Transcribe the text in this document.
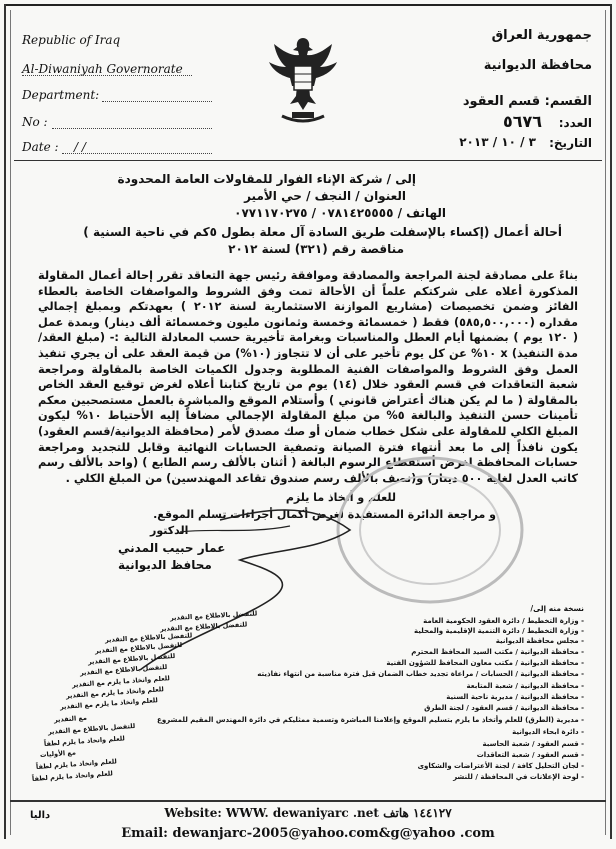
Republic of Iraq
Al-Diwaniyah Governorate
Department:
No :
Date : / /
جمهورية العراق
محافظة الديوانية
القسم: قسم العقود
العدد:
٥٦٧٦
التاريخ:
٣ / ١٠ / ٢٠١٣
إلى / شركة الإناء الفوار للمقاولات العامة المحدودة
العنوان / النجف / حي الأمير
الهاتف / ٠٧٨١٤٢٥٥٥٥ / ٠٧٧١١٧٠٢٧٥
أحالة أعمال (إكساء بالإسفلت طريق السادة آل معلة بطول ٥كم في ناحية السنية )
مناقصة رقم (٣٢١) لسنة ٢٠١٢
بناءً على مصادقة لجنة المراجعة والمصادقة وموافقة رئيس جهة التعاقد تقرر إحالة أعمال المقاولة المذكورة أعلاه على شركتكم علماً أن الأحالة تمت وفق الشروط والمواصفات الخاصة بالعطاء الفائز وضمن تخصيصات (مشاريع الموازنة الاستثمارية لسنة ٢٠١٢ ) بعهدتكم وبمبلغ إجمالي مقداره (٥٨٥,٥٠٠,٠٠٠) فقط ( خمسمائة وخمسة وثمانون مليون وخمسمائة ألف دينار) وبمدة عمل ( ١٢٠ يوم ) بضمنها أيام العطل والمناسبات وبغرامة تأخيرية حسب المعادلة التالية :- (مبلغ العقد/ مدة التنفيذ) x ١٠% عن كل يوم تأخير على أن لا تتجاوز (١٠%) من قيمة العقد على أن يجري تنفيذ العمل وفق الشروط والمواصفات الفنية المطلوبة وجدول الكميات الخاصة بالمقاولة ومراجعة شعبة التعاقدات في قسم العقود خلال (١٤) يوم من تاريخ كتابنا أعلاه لغرض توقيع العقد الخاص بالمقاولة ( ما لم يكن هناك أعتراض قانوني ) وأستلام الموقع والمباشرة بالعمل مستصحبين معكم تأمينات حسن التنفيذ والبالغة ٥% من مبلغ المقاولة الإجمالي مضافاً إليه الأحتياط ١٠% ليكون المبلغ الكلي للمقاولة على شكل خطاب ضمان أو صك مصدق لأمر (محافظة الديوانية/قسم العقود) يكون نافذاً إلى ما بعد أنتهاء فترة الصيانة وتصفية الحسابات النهائية وقابل للتجديد ومراجعة حسابات المحافظة لغرض أستقطاع الرسوم البالغة ( أثنان بالألف رسم الطابع ) (واحد بالألف رسم كاتب العدل لغاية ٥٠٠ دينار) و(نصف بالألف رسم صندوق تقاعد المهندسين) من المبلغ الكلي .
للعلم و أتخاذ ما يلزم
و مراجعة الدائرة المستفيدة لغرض أكمال أجراءات تسلم الموقع.
الدكتور
عمار حبيب المدني
محافظ الديوانية
نسخة منه إلى/
- وزارة التخطيط / دائرة العقود الحكومية العامة
- وزارة التخطيط / دائرة التنمية الإقليمية والمحلية
- مجلس محافظة الديوانية
- محافظة الديوانية / مكتب السيد المحافظ المحترم
- محافظة الديوانية / مكتب معاون المحافظ للشؤون الفنية
- محافظة الديوانية / الحسابات / مراعاة تجديد خطاب الضمان قبل فترة مناسبة من انتهاء نفاذيته
- محافظة الديوانية / شعبة المتابعة
- محافظة الديوانية / مديرية ناحية السنية
- محافظة الديوانية / قسم العقود / لجنة الطرق
- مديرية (الطرق) للعلم وأتخاذ ما يلزم بتسليم الموقع وإعلامنا المباشرة وتسمية ممثليكم في دائرة المهندس المقيم للمشروع
- دائرة ابحاء الديوانية
- قسم العقود / شعبة الحاسبة
- قسم العقود / شعبة التعاقدات
- لجان التحليل كافة / لجنة الأعتراضات والشكاوى
- لوحة الإعلانات في المحافظة / للنشر
للتفضل بالاطلاع مع التقدير
للتفضل بالاطلاع مع التقدير
للتفضل بالاطلاع مع التقدير
للتفضل بالاطلاع مع التقدير
للتفضل بالاطلاع مع التقدير
للتفضل بالاطلاع مع التقدير
للعلم واتخاذ ما يلزم مع التقدير
للعلم واتخاذ ما يلزم مع التقدير
للعلم واتخاذ ما يلزم مع التقدير
مع التقدير
للتفضل بالاطلاع مع التقدير
للعلم واتخاذ ما يلزم لطفاً
مع الأوليات
للعلم واتخاذ ما يلزم لطفاً
للعلم واتخاذ ما يلزم لطفاً
داليا	Website: WWW. dewaniyarc .net ١٤٤١٢٧ هاتف
Email: dewanjarc-2005@yahoo.com&g@yahoo .com
